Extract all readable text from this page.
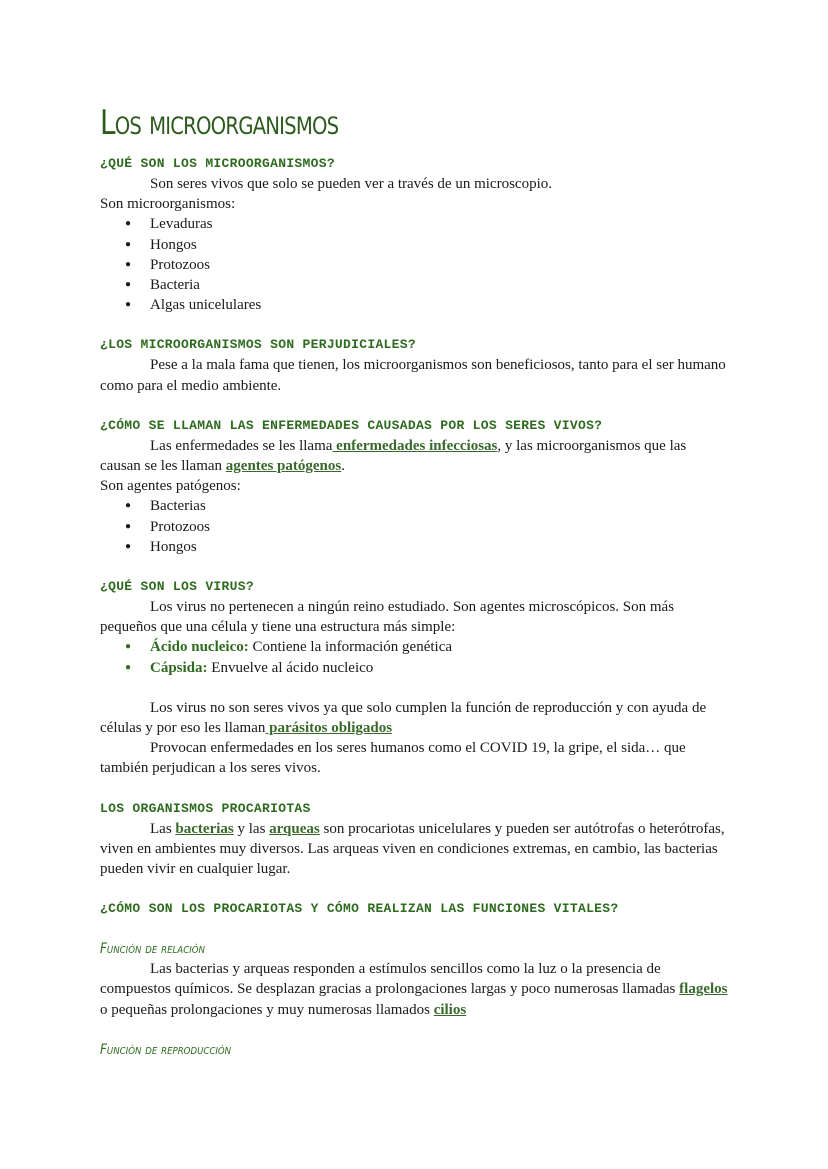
Los microorganismos
¿QUÉ SON LOS MICROORGANISMOS?

Son seres vivos que solo se pueden ver a través de un microscopio.

Son microorganismos:

● Levaduras
● Hongos
● Protozoos
● Bacteria
● Algas unicelulares
¿LOS MICROORGANISMOS SON PERJUDICIALES?

Pese a la mala fama que tienen, los microorganismos son beneficiosos, tanto para el ser humano como para el medio ambiente.

¿CÓMO SE LLAMAN LAS ENFERMEDADES CAUSADAS POR LOS SERES VIVOS?

Las enfermedades se les llama enfermedades infecciosas, y las microorganismos que las causan se les llaman agentes patógenos.

Son agentes patógenos:

● Bacterias
● Protozoos
● Hongos
¿QUÉ SON LOS VIRUS?

Los virus no pertenecen a ningún reino estudiado. Son agentes microscópicos. Son más pequeños que una célula y tiene una estructura más simple:

● Ácido nucleico: Contiene la información genética
● Cápsida: Envuelve al ácido nucleico

Los virus no son seres vivos ya que solo cumplen la función de reproducción y con ayuda de células y por eso les llaman parásitos obligados

Provocan enfermedades en los seres humanos como el COVID 19, la gripe, el sida… que también perjudican a los seres vivos.

LOS ORGANISMOS PROCARIOTAS

Las bacterias y las arqueas son procariotas unicelulares y pueden ser autótrofas o heterótrofas, viven en ambientes muy diversos. Las arqueas viven en condiciones extremas, en cambio, las bacterias pueden vivir en cualquier lugar.

¿CÓMO SON LOS PROCARIOTAS Y CÓMO REALIZAN LAS FUNCIONES VITALES?
Función de relación

Las bacterias y arqueas responden a estímulos sencillos como la luz o la presencia de compuestos químicos. Se desplazan gracias a prolongaciones largas y poco numerosas llamadas flagelos o pequeñas prolongaciones y muy numerosas llamados cilios

Función de reproducción
